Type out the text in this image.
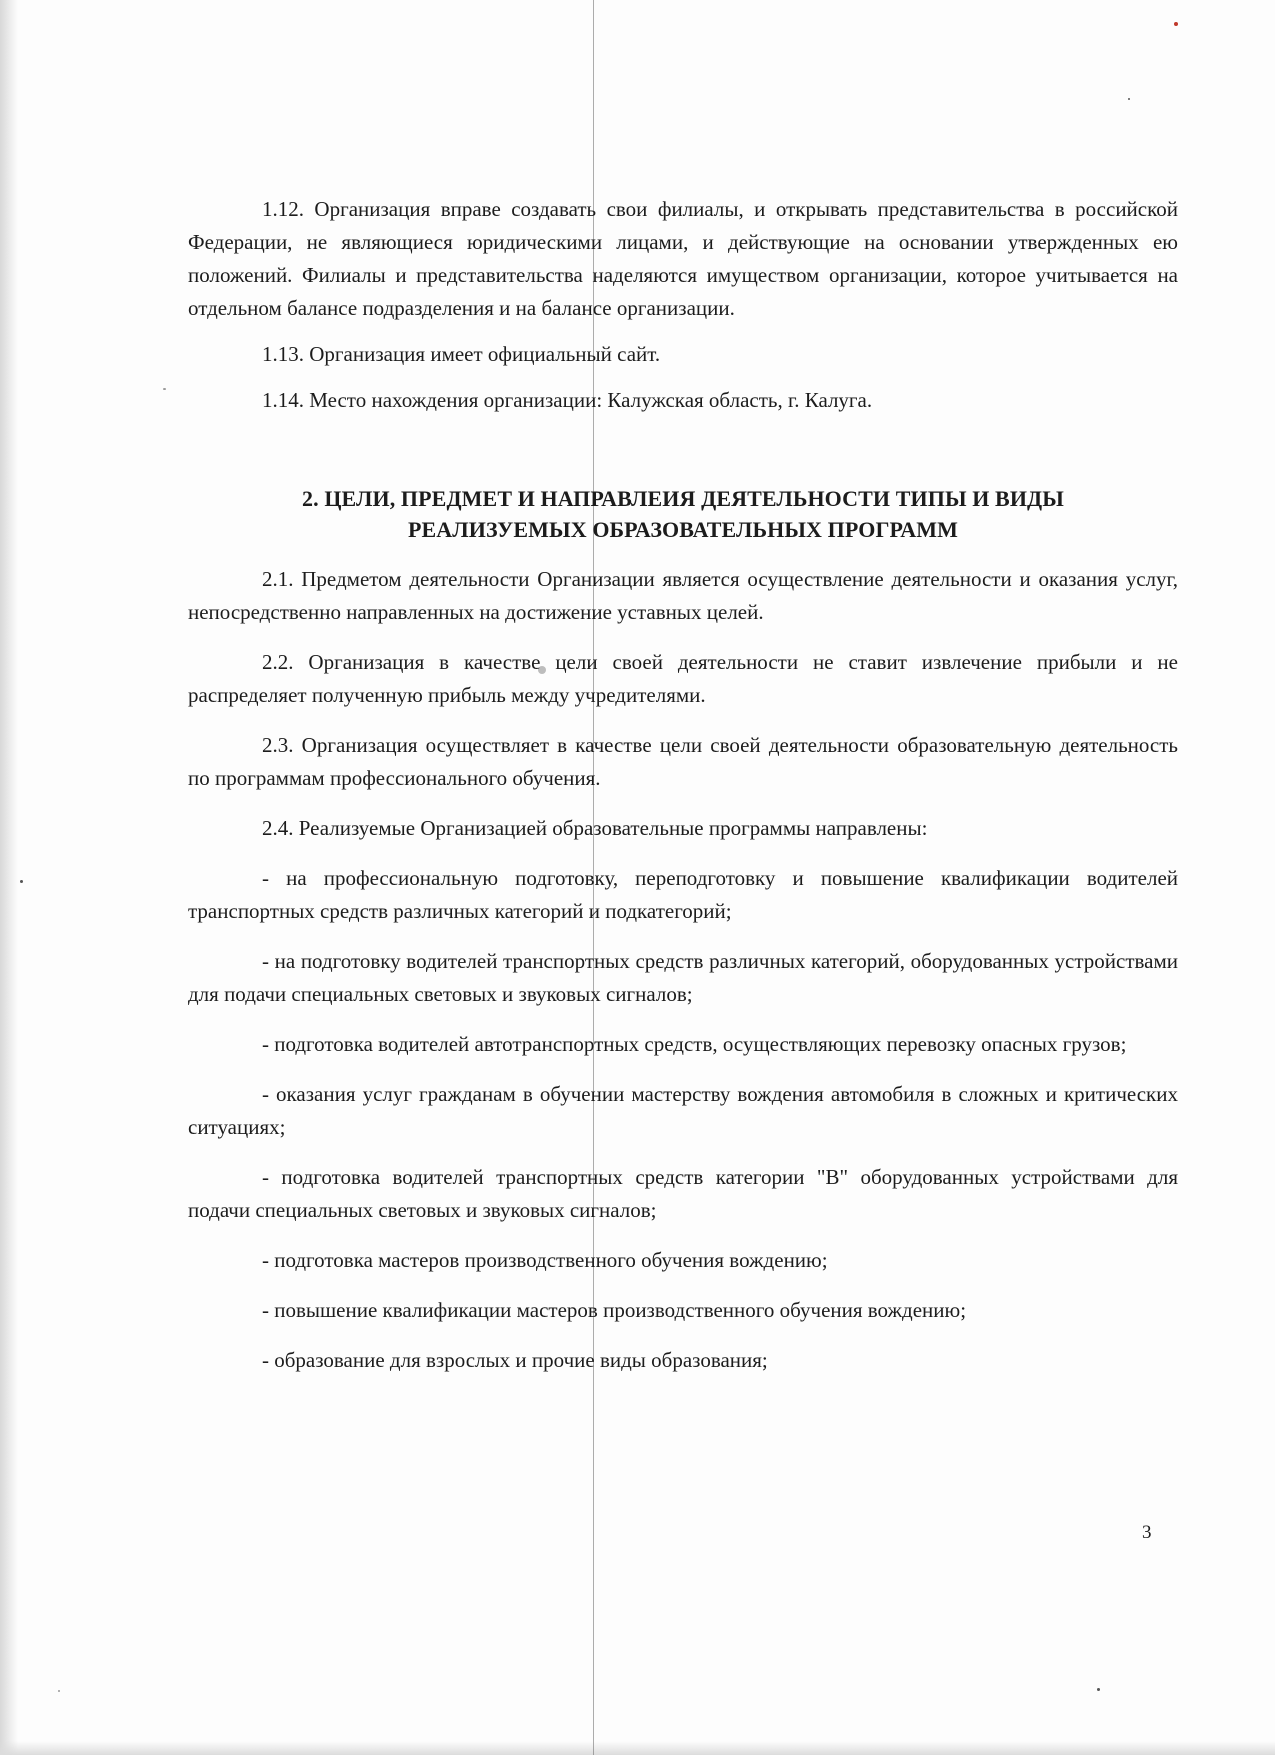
1.12. Организация вправе создавать свои филиалы, и открывать представительства в российской Федерации, не являющиеся юридическими лицами, и действующие на основании утвержденных ею положений. Филиалы и представительства наделяются имуществом организации, которое учитывается на отдельном балансе подразделения и на балансе организации.

1.13. Организация имеет официальный сайт.

1.14. Место нахождения организации: Калужская область, г. Калуга.

2. ЦЕЛИ, ПРЕДМЕТ И НАПРАВЛЕИЯ ДЕЯТЕЛЬНОСТИ ТИПЫ И ВИДЫ
РЕАЛИЗУЕМЫХ ОБРАЗОВАТЕЛЬНЫХ ПРОГРАММ

2.1. Предметом деятельности Организации является осуществление деятельности и оказания услуг, непосредственно направленных на достижение уставных целей.

2.2. Организация в качестве цели своей деятельности не ставит извлечение прибыли и не распределяет полученную прибыль между учредителями.

2.3. Организация осуществляет в качестве цели своей деятельности образовательную деятельность по программам профессионального обучения.

2.4. Реализуемые Организацией образовательные программы направлены:

- на профессиональную подготовку, переподготовку и повышение квалификации водителей транспортных средств различных категорий и подкатегорий;

- на подготовку водителей транспортных средств различных категорий, оборудованных устройствами для подачи специальных световых и звуковых сигналов;

- подготовка водителей автотранспортных средств, осуществляющих перевозку опасных грузов;

- оказания услуг гражданам в обучении мастерству вождения автомобиля в сложных и критических ситуациях;

- подготовка водителей транспортных средств категории "В" оборудованных устройствами для подачи специальных световых и звуковых сигналов;

- подготовка мастеров производственного обучения вождению;

- повышение квалификации мастеров производственного обучения вождению;

- образование для взрослых и прочие виды образования;

3
